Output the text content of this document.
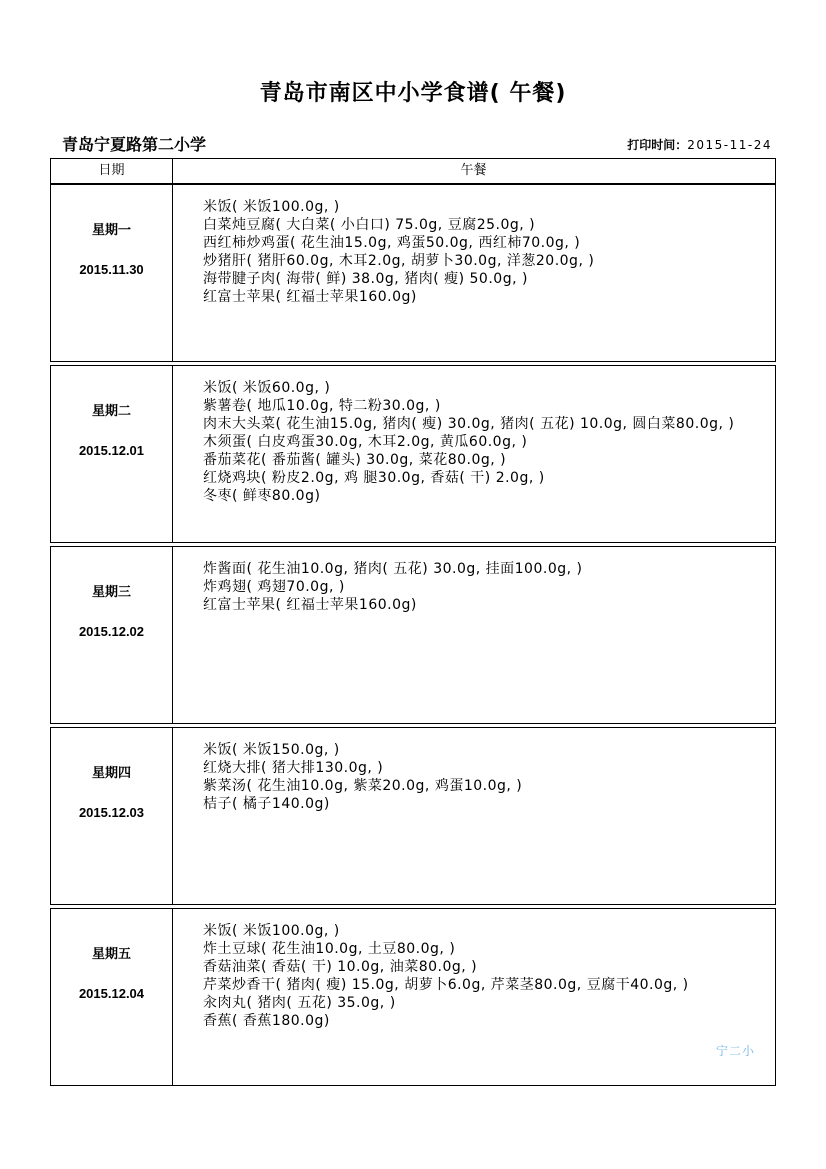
青岛市南区中小学食谱( 午餐)
青岛宁夏路第二小学	打印时间：2015-11-24
日期	午餐
星期一
2015.11.30
米饭( 米饭100.0g, )
白菜炖豆腐( 大白菜( 小白口) 75.0g, 豆腐25.0g, )
西红柿炒鸡蛋( 花生油15.0g, 鸡蛋50.0g, 西红柿70.0g, )
炒猪肝( 猪肝60.0g, 木耳2.0g, 胡萝卜30.0g, 洋葱20.0g, )
海带腱子肉( 海带( 鲜) 38.0g, 猪肉( 瘦) 50.0g, )
红富士苹果( 红福士苹果160.0g)
星期二
2015.12.01
米饭( 米饭60.0g, )
紫薯卷( 地瓜10.0g, 特二粉30.0g, )
肉末大头菜( 花生油15.0g, 猪肉( 瘦) 30.0g, 猪肉( 五花) 10.0g, 圆白菜80.0g, )
木须蛋( 白皮鸡蛋30.0g, 木耳2.0g, 黄瓜60.0g, )
番茄菜花( 番茄酱( 罐头) 30.0g, 菜花80.0g, )
红烧鸡块( 粉皮2.0g, 鸡 腿30.0g, 香菇( 干) 2.0g, )
冬枣( 鲜枣80.0g)
星期三
2015.12.02
炸酱面( 花生油10.0g, 猪肉( 五花) 30.0g, 挂面100.0g, )
炸鸡翅( 鸡翅70.0g, )
红富士苹果( 红福士苹果160.0g)
星期四
2015.12.03
米饭( 米饭150.0g, )
红烧大排( 猪大排130.0g, )
紫菜汤( 花生油10.0g, 紫菜20.0g, 鸡蛋10.0g, )
桔子( 橘子140.0g)
星期五
2015.12.04
米饭( 米饭100.0g, )
炸土豆球( 花生油10.0g, 土豆80.0g, )
香菇油菜( 香菇( 干) 10.0g, 油菜80.0g, )
芹菜炒香干( 猪肉( 瘦) 15.0g, 胡萝卜6.0g, 芹菜茎80.0g, 豆腐干40.0g, )
汆肉丸( 猪肉( 五花) 35.0g, )
香蕉( 香蕉180.0g)
宁二小
